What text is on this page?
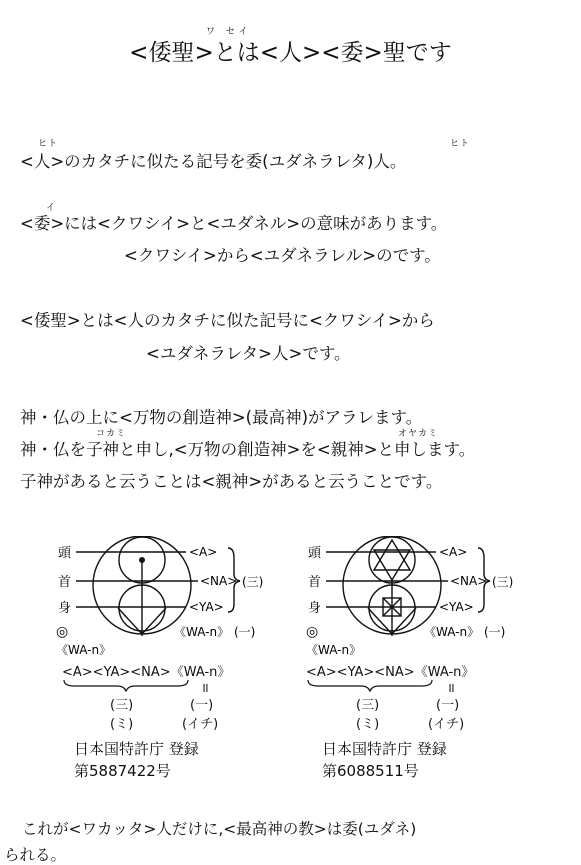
ワ セイ
<倭聖>とは<人><委>聖です
ヒト	ヒト
<人>のカタチに似たる記号を委(ユダネラレタ)人。
イ
<委>には<クワシイ>と<ユダネル>の意味があります。
<クワシイ>から<ユダネラレル>のです。
<倭聖>とは<人のカタチに似た記号に<クワシイ>から
<ユダネラレタ>人>です。
神・仏の上に<万物の創造神>(最高神)がアラレます。
コカミ	オヤカミ
神・仏を子神と申し,<万物の創造神>を<親神>と申します。
子神があると云うことは<親神>があると云うことです。
頭
首
身
<A>
<NA>
<YA>
(三)
《WA-n》 (一)
◎
《WA-n》
頭
首
身
<A>
<NA>
<YA>
(三)
《WA-n》 (一)
◎
《WA-n》
<A><YA><NA>《WA-n》
॥
(三)	(一)
(ミ)	(イチ)
<A><YA><NA>《WA-n》
॥
(三)	(一)
(ミ)	(イチ)
日本国特許庁 登録
第5887422号
日本国特許庁 登録
第6088511号
これが<ワカッタ>人だけに,<最高神の教>は委(ユダネ)
られる。
